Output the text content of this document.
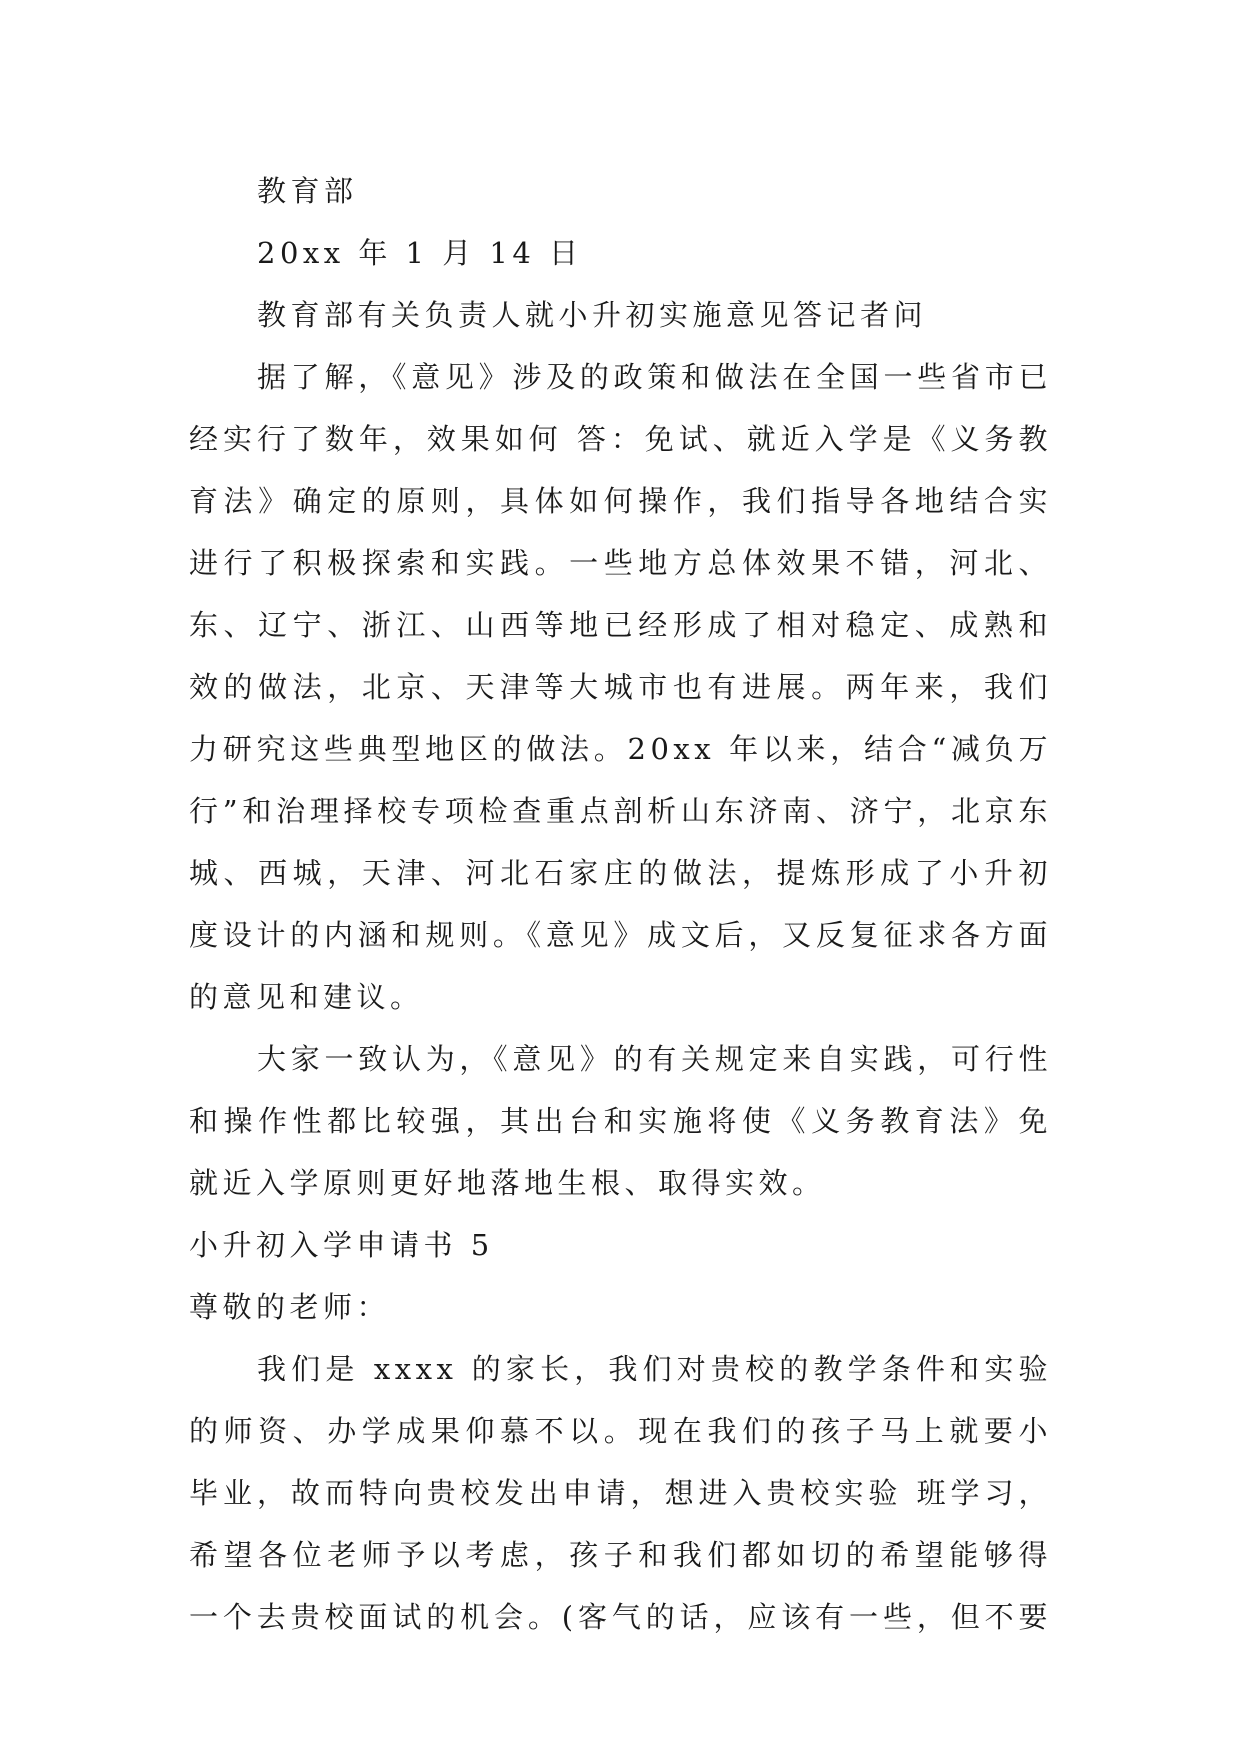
教育部
20xx 年 1 月 14 日
教育部有关负责人就小升初实施意见答记者问
据了解，《意见》涉及的政策和做法在全国一些省市已
经实行了数年，效果如何 答：免试、就近入学是《义务教
育法》确定的原则，具体如何操作，我们指导各地结合实
进行了积极探索和实践。一些地方总体效果不错，河北、
东、辽宁、浙江、山西等地已经形成了相对稳定、成熟和
效的做法，北京、天津等大城市也有进展。两年来，我们
力研究这些典型地区的做法。20xx 年以来，结合“减负万
行”和治理择校专项检查重点剖析山东济南、济宁，北京东
城、西城，天津、河北石家庄的做法，提炼形成了小升初
度设计的内涵和规则。《意见》成文后，又反复征求各方面
的意见和建议。
大家一致认为，《意见》的有关规定来自实践，可行性
和操作性都比较强，其出台和实施将使《义务教育法》免
就近入学原则更好地落地生根、取得实效。
小升初入学申请书 5
尊敬的老师：
我们是 xxxx 的家长，我们对贵校的教学条件和实验
的师资、办学成果仰慕不以。现在我们的孩子马上就要小
毕业，故而特向贵校发出申请，想进入贵校实验 班学习，
希望各位老师予以考虑，孩子和我们都如切的希望能够得
一个去贵校面试的机会。(客气的话，应该有一些，但不要
